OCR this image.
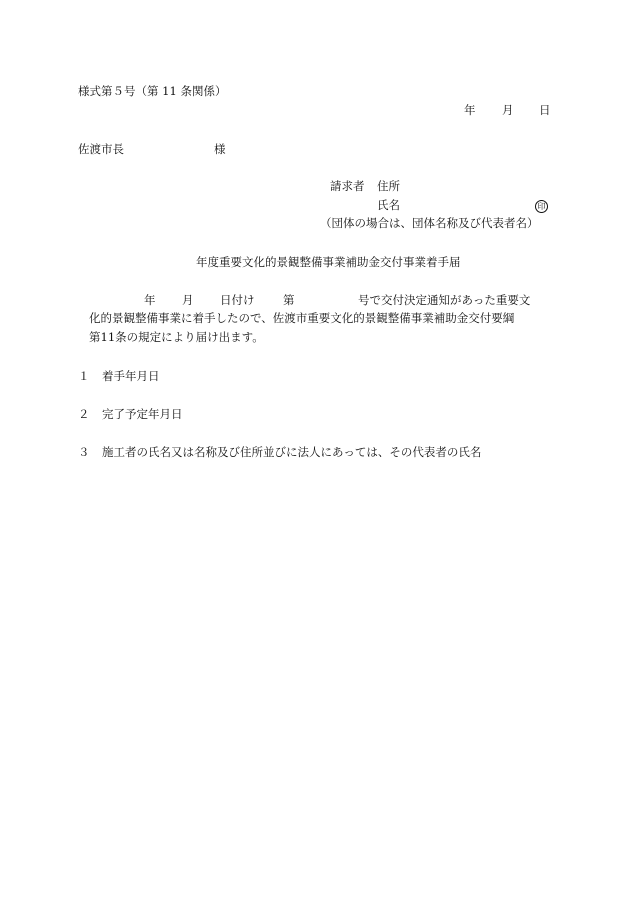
様式第５号（第 11 条関係）
年 月 日
佐渡市長	様
請求者 住所
氏名	印
（団体の場合は、団体名称及び代表者名）
年度重要文化的景観整備事業補助金交付事業着手届
年 月 日付け 第	号で交付決定通知があった重要文
化的景観整備事業に着手したので、佐渡市重要文化的景観整備事業補助金交付要綱
第11条の規定により届け出ます。
１ 着手年月日
２ 完了予定年月日
３ 施工者の氏名又は名称及び住所並びに法人にあっては、その代表者の氏名
